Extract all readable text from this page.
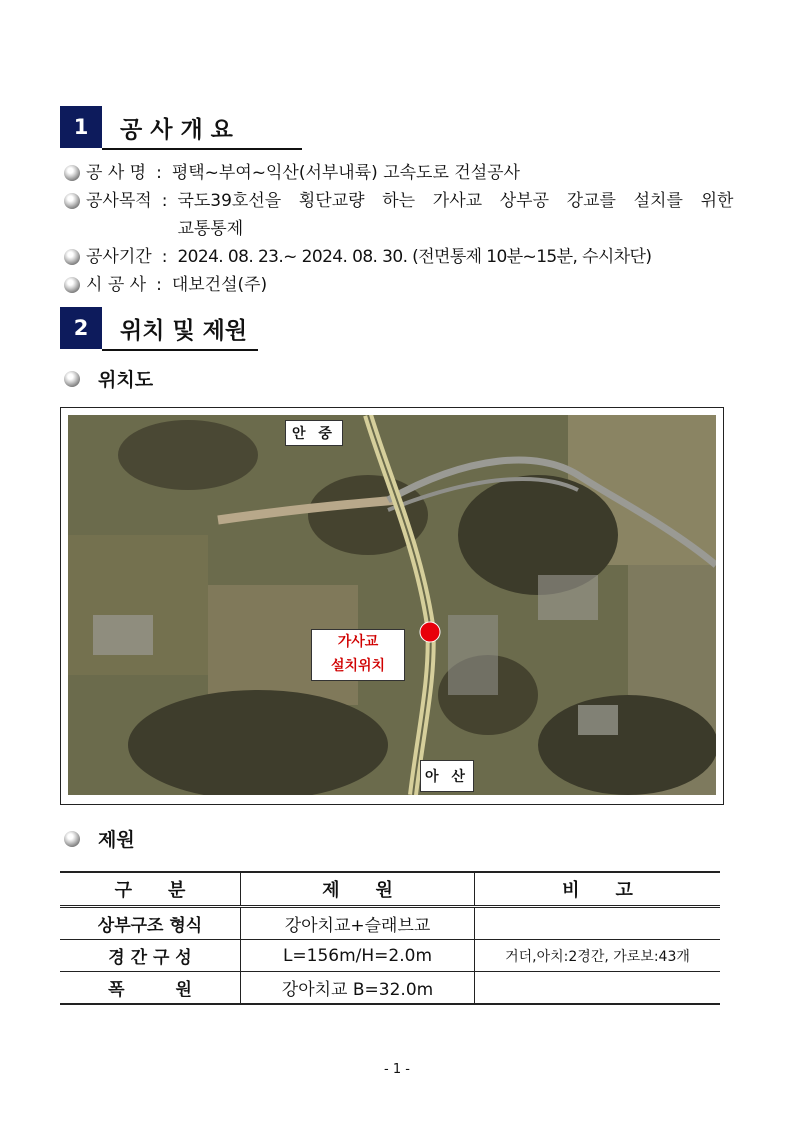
1	공 사 개 요
공 사 명 : 평택~부여~익산(서부내륙) 고속도로 건설공사
공사목적 : 국도39호선을 횡단교량 하는 가사교 상부공 강교를 설치를 위한
교통통제
공사기간 : 2024. 08. 23.~ 2024. 08. 30. (전면통제 10분~15분, 수시차단)
시 공 사 : 대보건설(주)
2	위치 및 제원
위치도
안 중
아 산
가사교
설치위치
제원
구　　분	제　　원	비　　고
상부구조 형식	강아치교+슬래브교	
경 간 구 성	L=156m/H=2.0m	거더,아치:2경간, 가로보:43개
폭　　　원	강아치교 B=32.0m	
- 1 -
